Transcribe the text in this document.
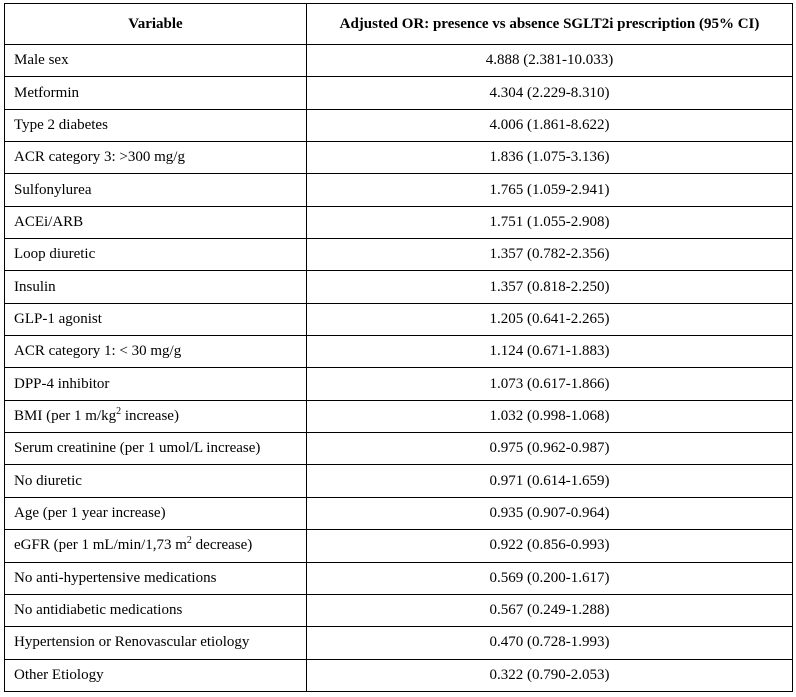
Variable	Adjusted OR: presence vs absence SGLT2i prescription (95% CI)
Male sex	4.888 (2.381-10.033)
Metformin	4.304 (2.229-8.310)
Type 2 diabetes	4.006 (1.861-8.622)
ACR category 3: >300 mg/g	1.836 (1.075-3.136)
Sulfonylurea	1.765 (1.059-2.941)
ACEi/ARB	1.751 (1.055-2.908)
Loop diuretic	1.357 (0.782-2.356)
Insulin	1.357 (0.818-2.250)
GLP-1 agonist	1.205 (0.641-2.265)
ACR category 1: < 30 mg/g	1.124 (0.671-1.883)
DPP-4 inhibitor	1.073 (0.617-1.866)
BMI (per 1 $m/kg^2$ increase)	1.032 (0.998-1.068)
Serum creatinine (per 1 umol/L increase)	0.975 (0.962-0.987)
No diuretic	0.971 (0.614-1.659)
Age (per 1 year increase)	0.935 (0.907-0.964)
eGFR (per 1 mL/min/1,73 $m^2$ decrease)	0.922 (0.856-0.993)
No anti-hypertensive medications	0.569 (0.200-1.617)
No antidiabetic medications	0.567 (0.249-1.288)
Hypertension or Renovascular etiology	0.470 (0.728-1.993)
Other Etiology	0.322 (0.790-2.053)
